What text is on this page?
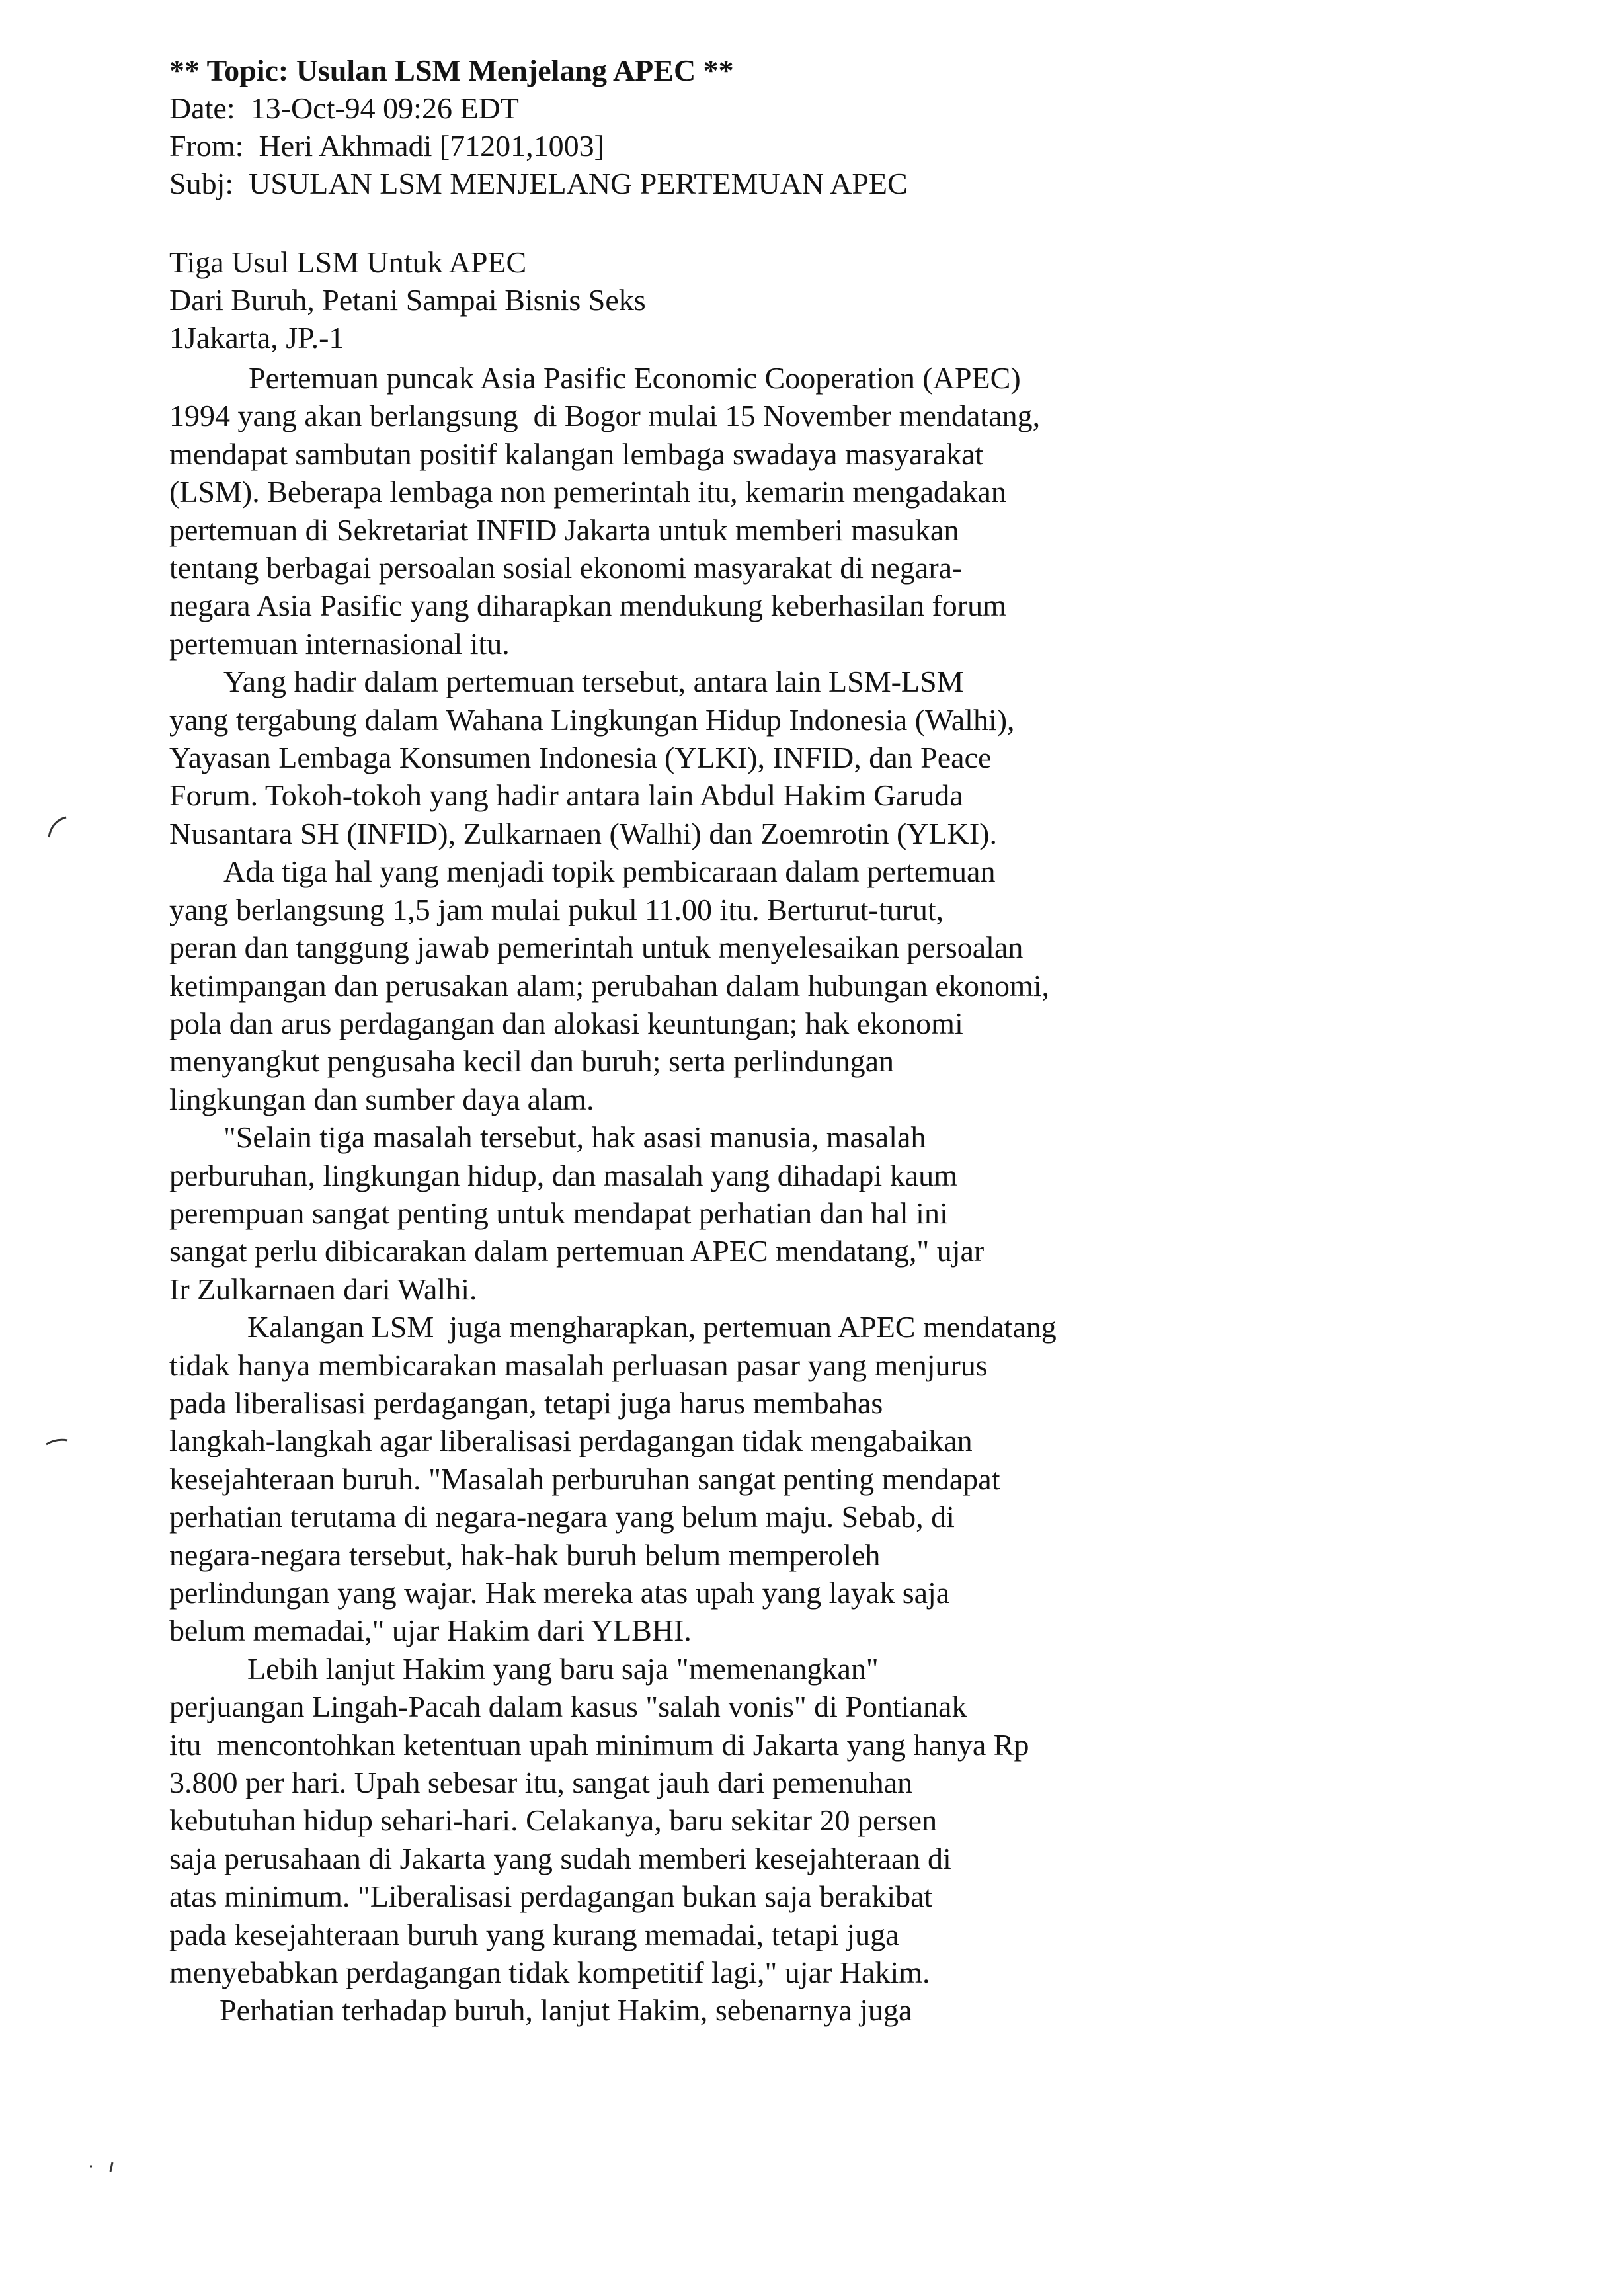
** Topic: Usulan LSM Menjelang APEC **
Date: 13-Oct-94 09:26 EDT
From: Heri Akhmadi [71201,1003]
Subj: USULAN LSM MENJELANG PERTEMUAN APEC
Tiga Usul LSM Untuk APEC
Dari Buruh, Petani Sampai Bisnis Seks
1Jakarta, JP.-1
Pertemuan puncak Asia Pasific Economic Cooperation (APEC)
1994 yang akan berlangsung  di Bogor mulai 15 November mendatang,
mendapat sambutan positif kalangan lembaga swadaya masyarakat
(LSM). Beberapa lembaga non pemerintah itu, kemarin mengadakan
pertemuan di Sekretariat INFID Jakarta untuk memberi masukan
tentang berbagai persoalan sosial ekonomi masyarakat di negara-
negara Asia Pasific yang diharapkan mendukung keberhasilan forum
pertemuan internasional itu.
Yang hadir dalam pertemuan tersebut, antara lain LSM-LSM
yang tergabung dalam Wahana Lingkungan Hidup Indonesia (Walhi),
Yayasan Lembaga Konsumen Indonesia (YLKI), INFID, dan Peace
Forum. Tokoh-tokoh yang hadir antara lain Abdul Hakim Garuda
Nusantara SH (INFID), Zulkarnaen (Walhi) dan Zoemrotin (YLKI).
Ada tiga hal yang menjadi topik pembicaraan dalam pertemuan
yang berlangsung 1,5 jam mulai pukul 11.00 itu. Berturut-turut,
peran dan tanggung jawab pemerintah untuk menyelesaikan persoalan
ketimpangan dan perusakan alam; perubahan dalam hubungan ekonomi,
pola dan arus perdagangan dan alokasi keuntungan; hak ekonomi
menyangkut pengusaha kecil dan buruh; serta perlindungan
lingkungan dan sumber daya alam.
"Selain tiga masalah tersebut, hak asasi manusia, masalah
perburuhan, lingkungan hidup, dan masalah yang dihadapi kaum
perempuan sangat penting untuk mendapat perhatian dan hal ini
sangat perlu dibicarakan dalam pertemuan APEC mendatang," ujar
Ir Zulkarnaen dari Walhi.
Kalangan LSM  juga mengharapkan, pertemuan APEC mendatang
tidak hanya membicarakan masalah perluasan pasar yang menjurus
pada liberalisasi perdagangan, tetapi juga harus membahas
langkah-langkah agar liberalisasi perdagangan tidak mengabaikan
kesejahteraan buruh. "Masalah perburuhan sangat penting mendapat
perhatian terutama di negara-negara yang belum maju. Sebab, di
negara-negara tersebut, hak-hak buruh belum memperoleh
perlindungan yang wajar. Hak mereka atas upah yang layak saja
belum memadai," ujar Hakim dari YLBHI.
Lebih lanjut Hakim yang baru saja "memenangkan"
perjuangan Lingah-Pacah dalam kasus "salah vonis" di Pontianak
itu  mencontohkan ketentuan upah minimum di Jakarta yang hanya Rp
3.800 per hari. Upah sebesar itu, sangat jauh dari pemenuhan
kebutuhan hidup sehari-hari. Celakanya, baru sekitar 20 persen
saja perusahaan di Jakarta yang sudah memberi kesejahteraan di
atas minimum. "Liberalisasi perdagangan bukan saja berakibat
pada kesejahteraan buruh yang kurang memadai, tetapi juga
menyebabkan perdagangan tidak kompetitif lagi," ujar Hakim.
Perhatian terhadap buruh, lanjut Hakim, sebenarnya juga
